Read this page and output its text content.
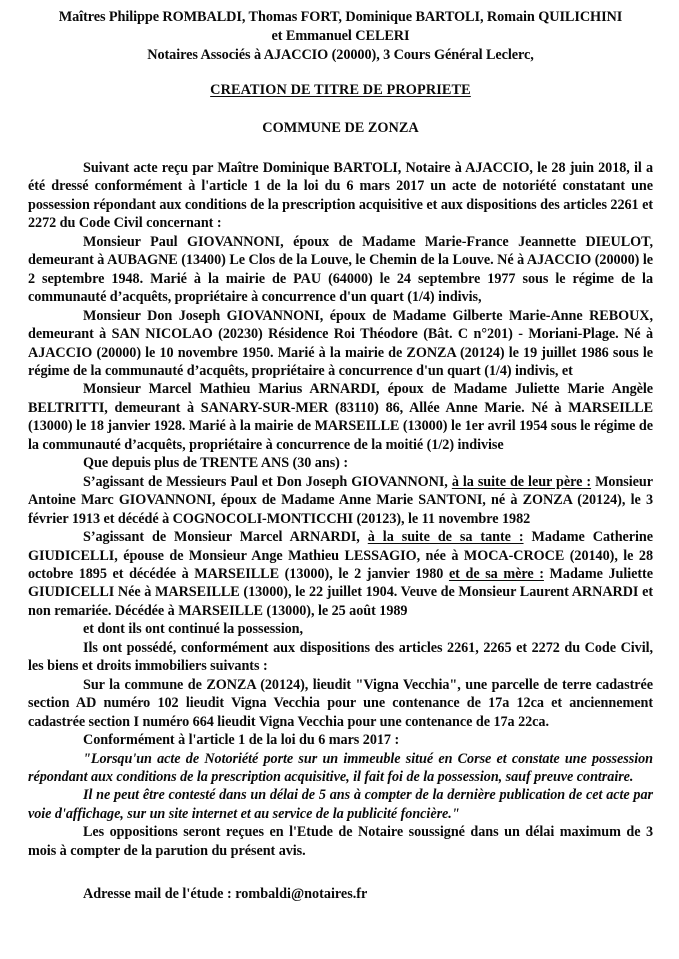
Maîtres Philippe ROMBALDI, Thomas FORT, Dominique BARTOLI, Romain QUILICHINI
et Emmanuel CELERI
Notaires Associés à AJACCIO (20000), 3 Cours Général Leclerc,
CREATION DE TITRE DE PROPRIETE
COMMUNE DE ZONZA

Suivant acte reçu par Maître Dominique BARTOLI, Notaire à AJACCIO, le 28 juin 2018, il a été dressé conformément à l'article 1 de la loi du 6 mars 2017 un acte de notoriété constatant une possession répondant aux conditions de la prescription acquisitive et aux dispositions des articles 2261 et 2272 du Code Civil concernant :

Monsieur Paul GIOVANNONI, époux de Madame Marie-France Jeannette DIEULOT, demeurant à AUBAGNE (13400) Le Clos de la Louve, le Chemin de la Louve. Né à AJACCIO (20000) le 2 septembre 1948. Marié à la mairie de PAU (64000) le 24 septembre 1977 sous le régime de la communauté d’acquêts, propriétaire à concurrence d'un quart (1/4) indivis,

Monsieur Don Joseph GIOVANNONI, époux de Madame Gilberte Marie-Anne REBOUX, demeurant à SAN NICOLAO (20230) Résidence Roi Théodore (Bât. C n°201) - Moriani-Plage. Né à AJACCIO (20000) le 10 novembre 1950. Marié à la mairie de ZONZA (20124) le 19 juillet 1986 sous le régime de la communauté d’acquêts, propriétaire à concurrence d'un quart (1/4) indivis, et

Monsieur Marcel Mathieu Marius ARNARDI, époux de Madame Juliette Marie Angèle BELTRITTI, demeurant à SANARY-SUR-MER (83110) 86, Allée Anne Marie. Né à MARSEILLE (13000) le 18 janvier 1928. Marié à la mairie de MARSEILLE (13000) le 1er avril 1954 sous le régime de la communauté d’acquêts, propriétaire à concurrence de la moitié (1/2) indivise

Que depuis plus de TRENTE ANS (30 ans) :

S’agissant de Messieurs Paul et Don Joseph GIOVANNONI, à la suite de leur père : Monsieur Antoine Marc GIOVANNONI, époux de Madame Anne Marie SANTONI, né à ZONZA (20124), le 3 février 1913 et décédé à COGNOCOLI-MONTICCHI (20123), le 11 novembre 1982

S’agissant de Monsieur Marcel ARNARDI, à la suite de sa tante : Madame Catherine GIUDICELLI, épouse de Monsieur Ange Mathieu LESSAGIO, née à MOCA-CROCE (20140), le 28 octobre 1895 et décédée à MARSEILLE (13000), le 2 janvier 1980 et de sa mère : Madame Juliette GIUDICELLI Née à MARSEILLE (13000), le 22 juillet 1904. Veuve de Monsieur Laurent ARNARDI et non remariée. Décédée à MARSEILLE (13000), le 25 août 1989

et dont ils ont continué la possession,

Ils ont possédé, conformément aux dispositions des articles 2261, 2265 et 2272 du Code Civil, les biens et droits immobiliers suivants :

Sur la commune de ZONZA (20124), lieudit "Vigna Vecchia", une parcelle de terre cadastrée section AD numéro 102 lieudit Vigna Vecchia pour une contenance de 17a 12ca et anciennement cadastrée section I numéro 664 lieudit Vigna Vecchia pour une contenance de 17a 22ca.

Conformément à l'article 1 de la loi du 6 mars 2017 :

"Lorsqu'un acte de Notoriété porte sur un immeuble situé en Corse et constate une possession répondant aux conditions de la prescription acquisitive, il fait foi de la possession, sauf preuve contraire.

Il ne peut être contesté dans un délai de 5 ans à compter de la dernière publication de cet acte par voie d'affichage, sur un site internet et au service de la publicité foncière."

Les oppositions seront reçues en l'Etude de Notaire soussigné dans un délai maximum de 3 mois à compter de la parution du présent avis.

Adresse mail de l'étude : rombaldi@notaires.fr
